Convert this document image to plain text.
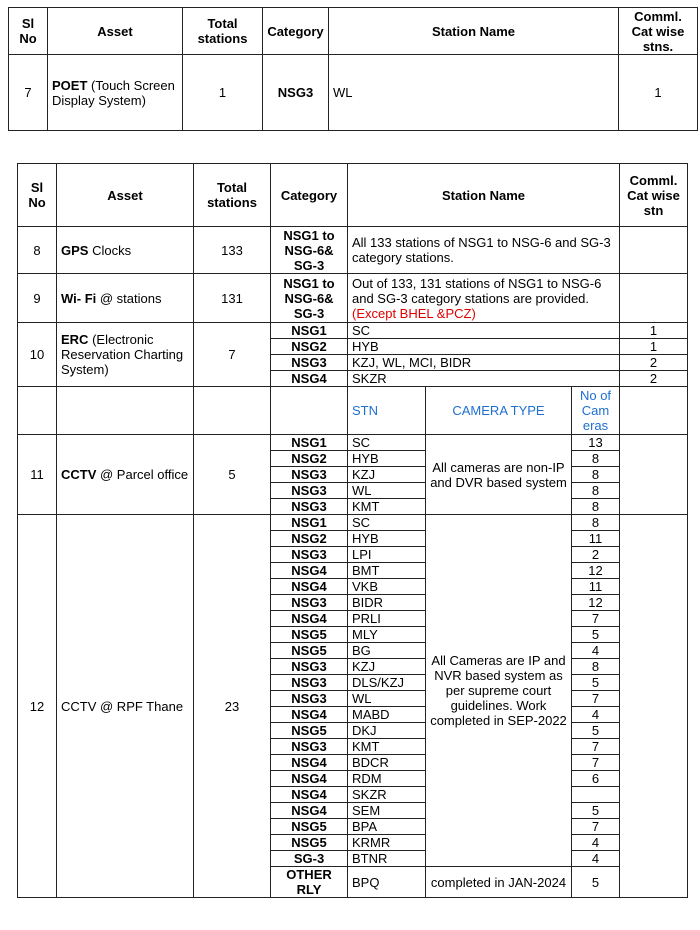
Sl No	Asset	Total stations	Category	Station Name	Comml. Cat wise stns.
7	POET (Touch Screen Display System)	1	NSG3	WL	1
Sl No	Asset	Total stations	Category	Station Name			Comml. Cat wise stn
8	GPS Clocks	133	NSG1 to NSG-6& SG-3	All 133 stations of NSG1 to NSG-6 and SG-3 category stations.			
9	Wi- Fi @ stations	131	NSG1 to NSG-6& SG-3	Out of 133, 131 stations of NSG1 to NSG-6 and SG-3 category stations are provided. (Except BHEL &PCZ)			
10	ERC (Electronic Reservation Charting System)	7	NSG1	SC			1
			NSG2	HYB			1
			NSG3	KZJ, WL, MCI, BIDR			2
			NSG4	SKZR			2
				STN	CAMERA TYPE	No of Cam eras	
11	CCTV @ Parcel office	5	NSG1	SC	All cameras are non-IP and DVR based system	13	
			NSG2	HYB		8	
			NSG3	KZJ		8	
			NSG3	WL		8	
			NSG3	KMT		8	
12	CCTV @ RPF Thane	23	NSG1	SC	All Cameras are IP and NVR based system as per supreme court guidelines. Work completed in SEP-2022	8	
			NSG2	HYB		11	
			NSG3	LPI		2	
			NSG4	BMT		12	
			NSG4	VKB		11	
			NSG3	BIDR		12	
			NSG4	PRLI		7	
			NSG5	MLY		5	
			NSG5	BG		4	
			NSG3	KZJ		8	
			NSG3	DLS/KZJ		5	
			NSG3	WL		7	
			NSG4	MABD		4	
			NSG5	DKJ		5	
			NSG3	KMT		7	
			NSG4	BDCR		7	
			NSG4	RDM		6	
			NSG4	SKZR			
			NSG4	SEM		5	
			NSG5	BPA		7	
			NSG5	KRMR		4	
			SG-3	BTNR		4	
			OTHER RLY	BPQ	completed in JAN-2024	5	
